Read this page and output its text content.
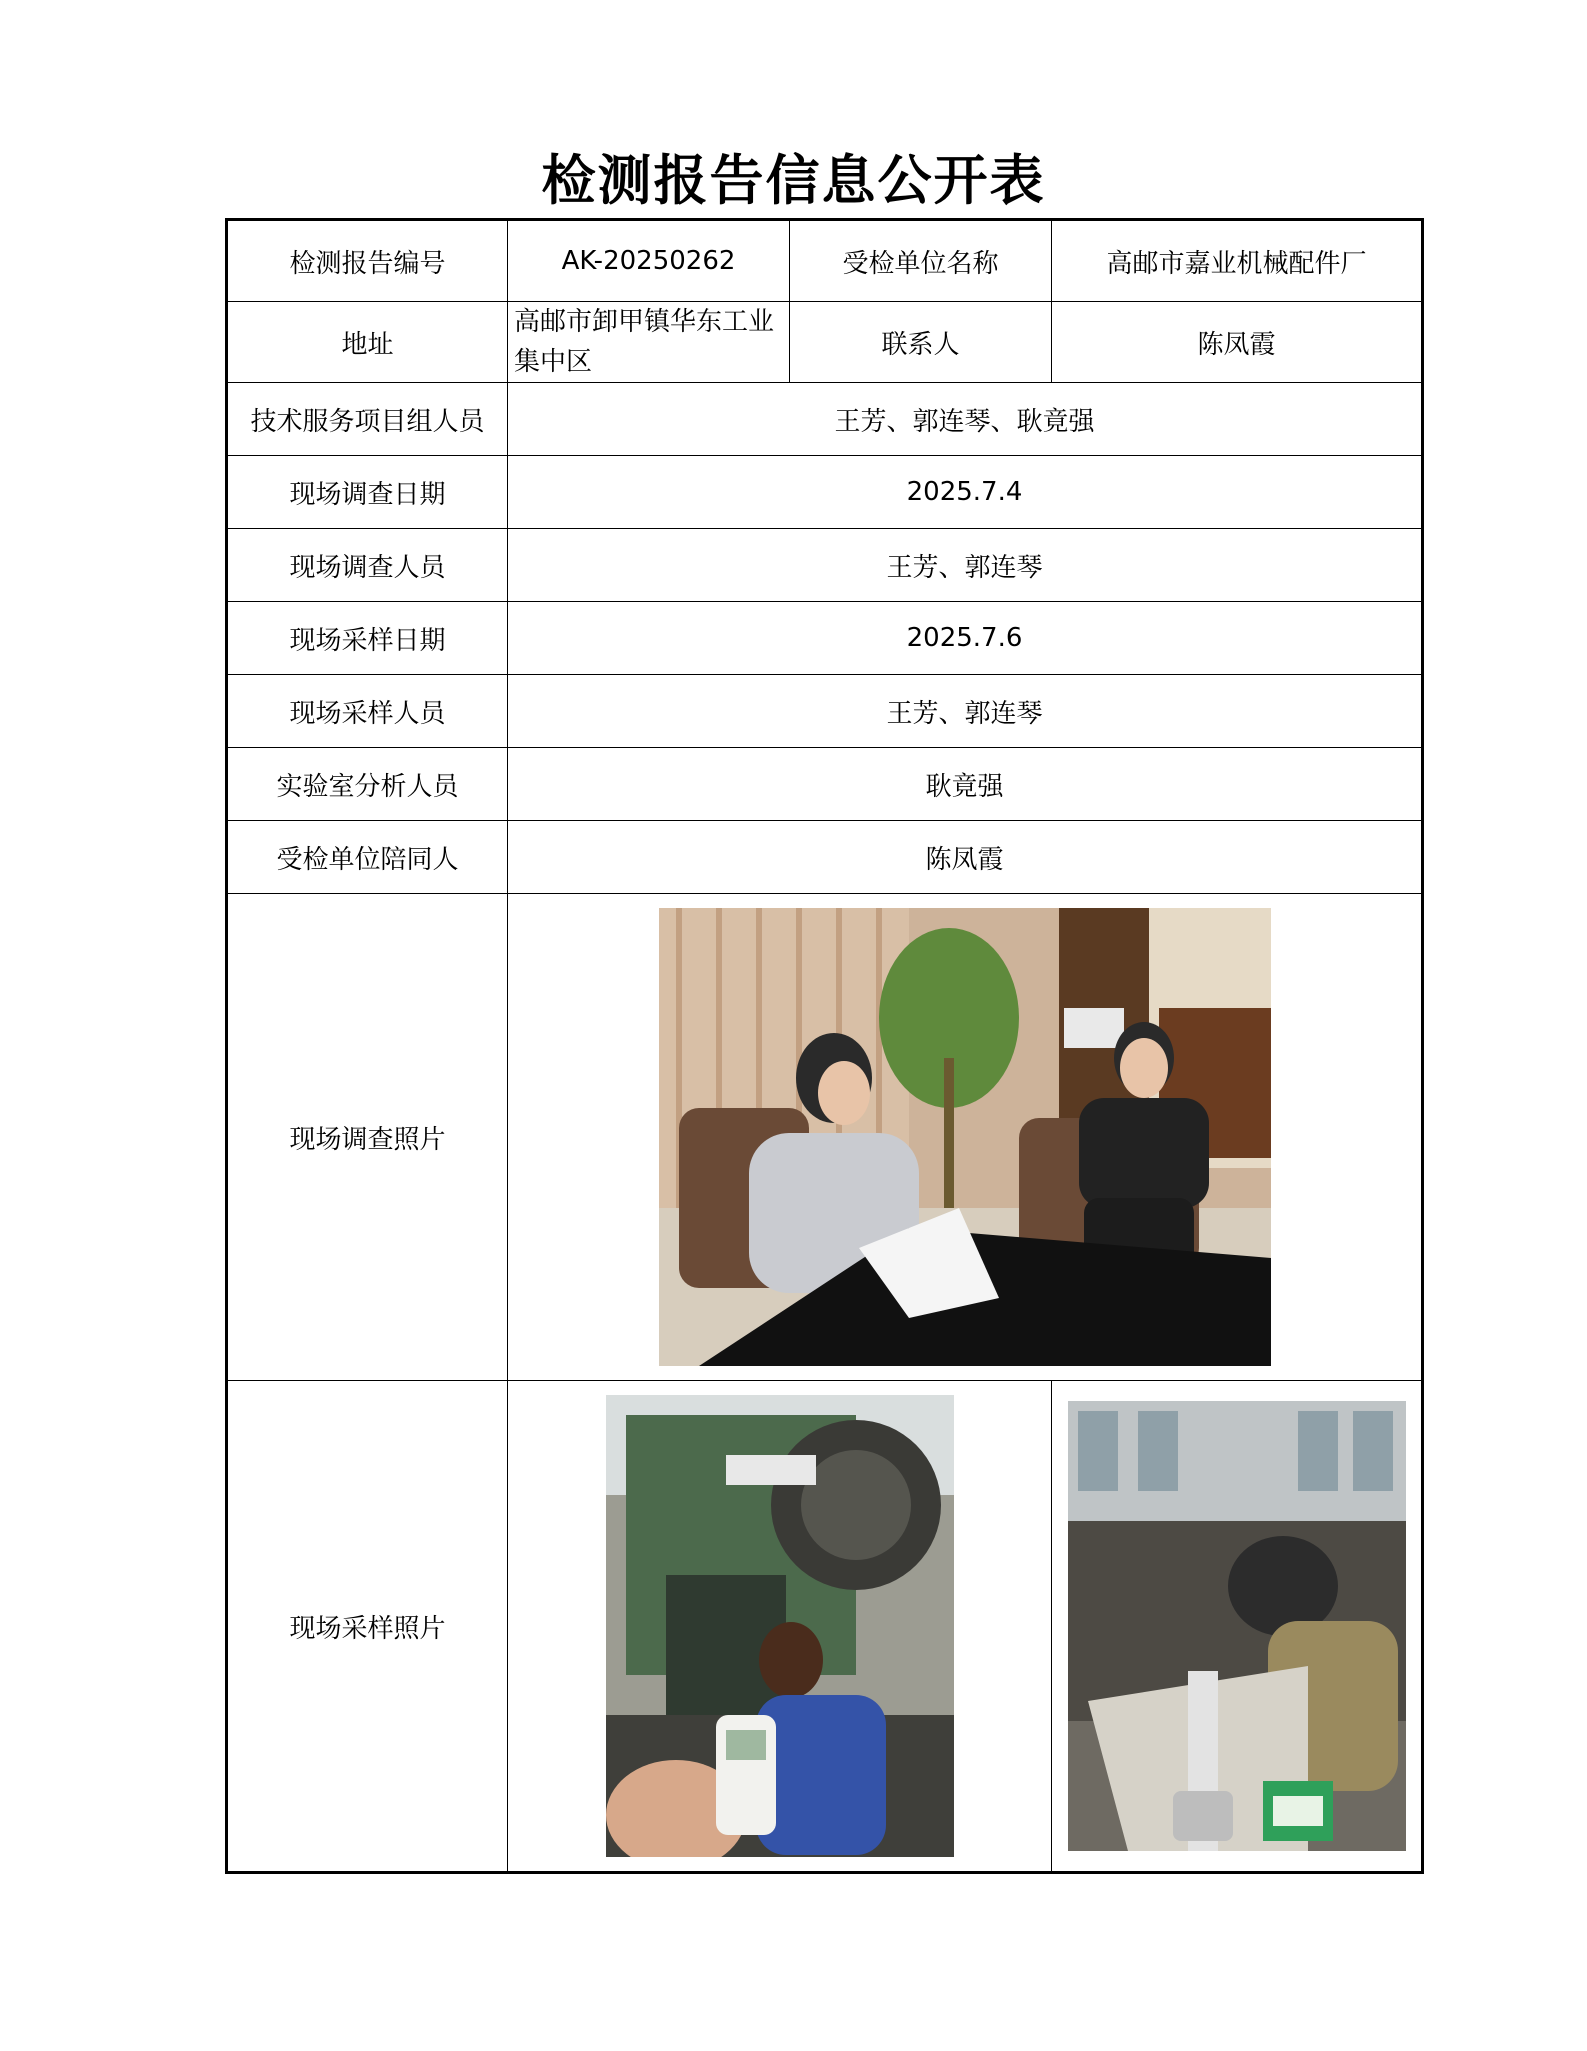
检测报告信息公开表
检测报告编号	AK-20250262	受检单位名称	高邮市嘉业机械配件厂
地址	高邮市卸甲镇华东工业集中区	联系人	陈凤霞
技术服务项目组人员	王芳、郭连琴、耿竟强		
现场调查日期	2025.7.4		
现场调查人员	王芳、郭连琴		
现场采样日期	2025.7.6		
现场采样人员	王芳、郭连琴		
实验室分析人员	耿竟强		
受检单位陪同人	陈凤霞		
现场调查照片	

现场采样照片	
